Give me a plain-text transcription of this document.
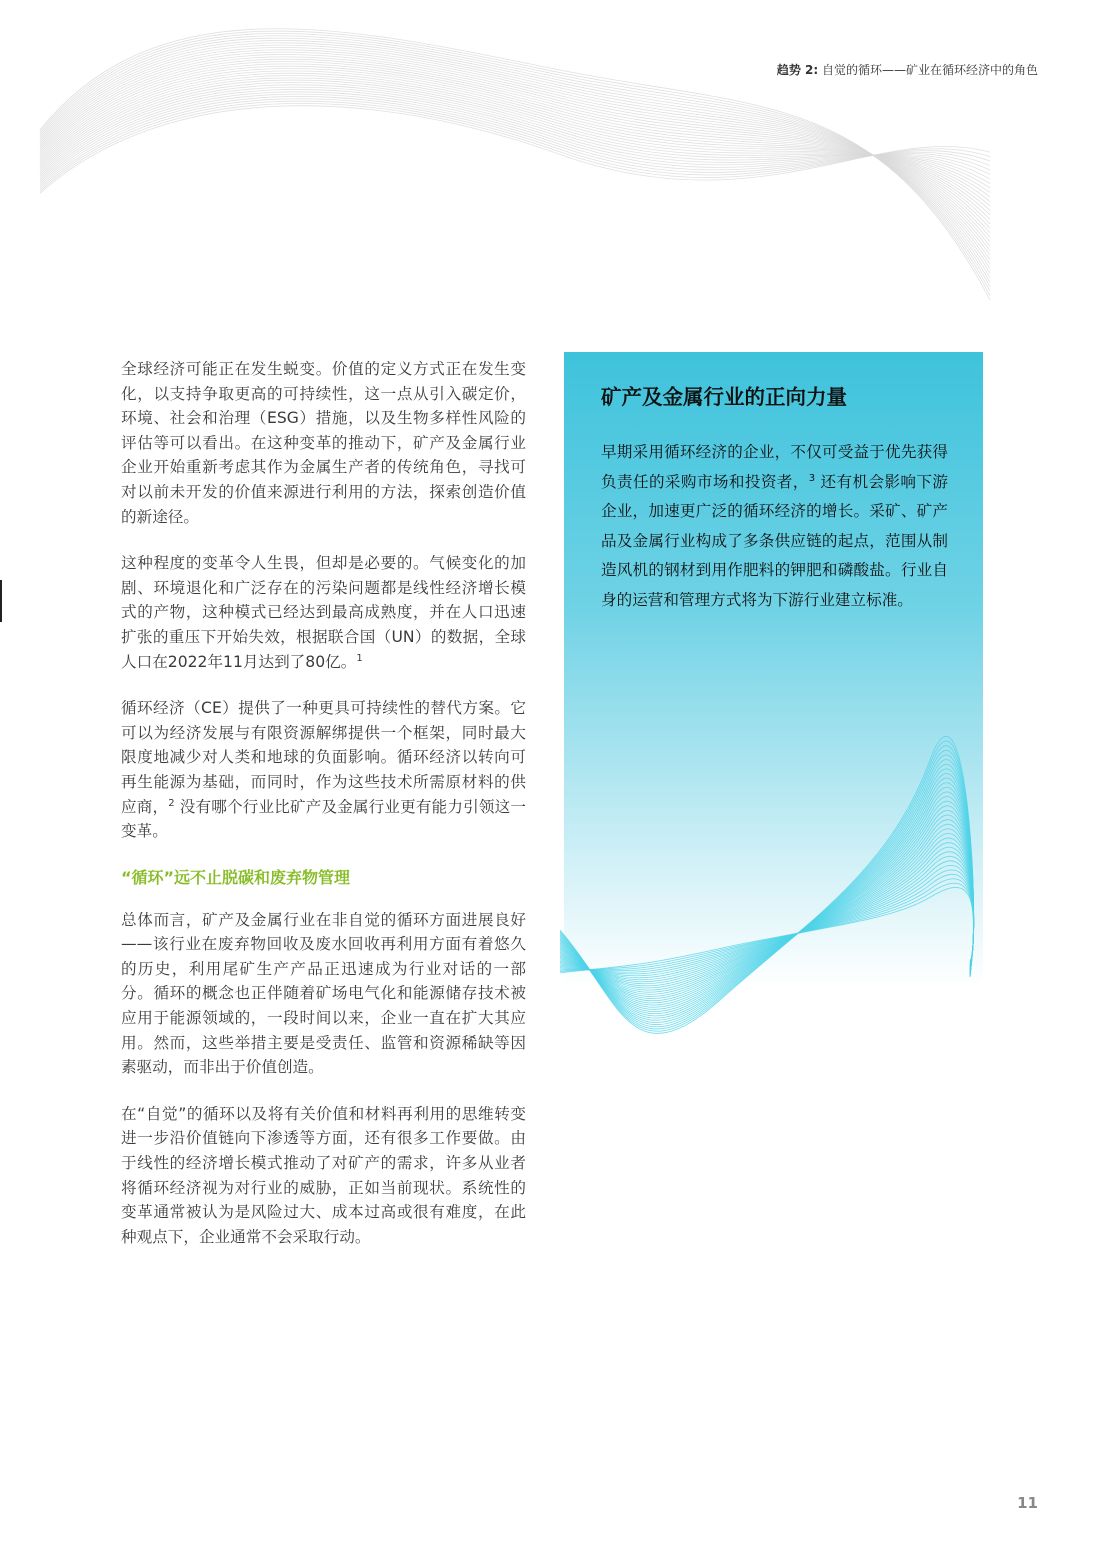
趋势 2: 自觉的循环——矿业在循环经济中的角色

全球经济可能正在发生蜕变。价值的定义方式正在发生变化，以支持争取更高的可持续性，这一点从引入碳定价，环境、社会和治理（ESG）措施，以及生物多样性风险的评估等可以看出。在这种变革的推动下，矿产及金属行业企业开始重新考虑其作为金属生产者的传统角色，寻找可对以前未开发的价值来源进行利用的方法，探索创造价值的新途径。

这种程度的变革令人生畏，但却是必要的。气候变化的加剧、环境退化和广泛存在的污染问题都是线性经济增长模式的产物，这种模式已经达到最高成熟度，并在人口迅速扩张的重压下开始失效，根据联合国（UN）的数据，全球人口在2022年11月达到了80亿。$^1$

循环经济（CE）提供了一种更具可持续性的替代方案。它可以为经济发展与有限资源解绑提供一个框架，同时最大限度地减少对人类和地球的负面影响。循环经济以转向可再生能源为基础，而同时，作为这些技术所需原材料的供应商，$^2$ 没有哪个行业比矿产及金属行业更有能力引领这一变革。

“循环”远不止脱碳和废弃物管理

总体而言，矿产及金属行业在非自觉的循环方面进展良好——该行业在废弃物回收及废水回收再利用方面有着悠久的历史，利用尾矿生产产品正迅速成为行业对话的一部分。循环的概念也正伴随着矿场电气化和能源储存技术被应用于能源领域的，一段时间以来，企业一直在扩大其应用。然而，这些举措主要是受责任、监管和资源稀缺等因素驱动，而非出于价值创造。

在“自觉”的循环以及将有关价值和材料再利用的思维转变进一步沿价值链向下渗透等方面，还有很多工作要做。由于线性的经济增长模式推动了对矿产的需求，许多从业者将循环经济视为对行业的威胁，正如当前现状。系统性的变革通常被认为是风险过大、成本过高或很有难度，在此种观点下，企业通常不会采取行动。

矿产及金属行业的正向力量

早期采用循环经济的企业，不仅可受益于优先获得负责任的采购市场和投资者，$^3$ 还有机会影响下游企业，加速更广泛的循环经济的增长。采矿、矿产品及金属行业构成了多条供应链的起点，范围从制造风机的钢材到用作肥料的钾肥和磷酸盐。行业自身的运营和管理方式将为下游行业建立标准。

11
